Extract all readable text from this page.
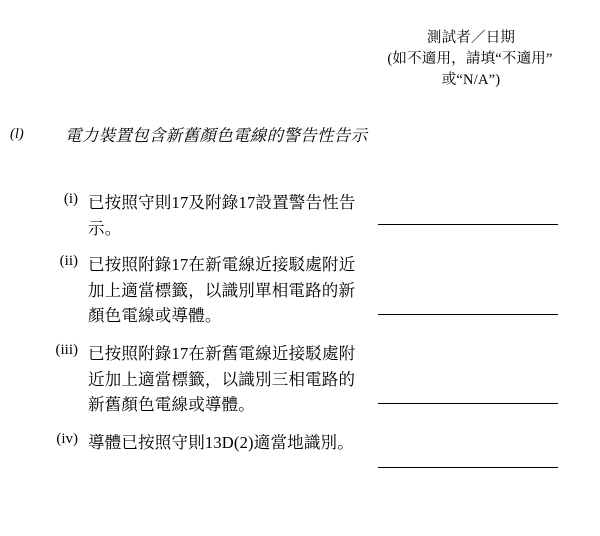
測試者／日期
(如不適用，請填“不適用”
或“N/A”)
(l)	電力裝置包含新舊顏色電線的警告性告示
(i) 已按照守則17及附錄17設置警告性告示。
(ii) 已按照附錄17在新電線近接駁處附近加上適當標籤，以識別單相電路的新顏色電線或導體。
(iii) 已按照附錄17在新舊電線近接駁處附近加上適當標籤，以識別三相電路的新舊顏色電線或導體。
(iv) 導體已按照守則13D(2)適當地識別。
